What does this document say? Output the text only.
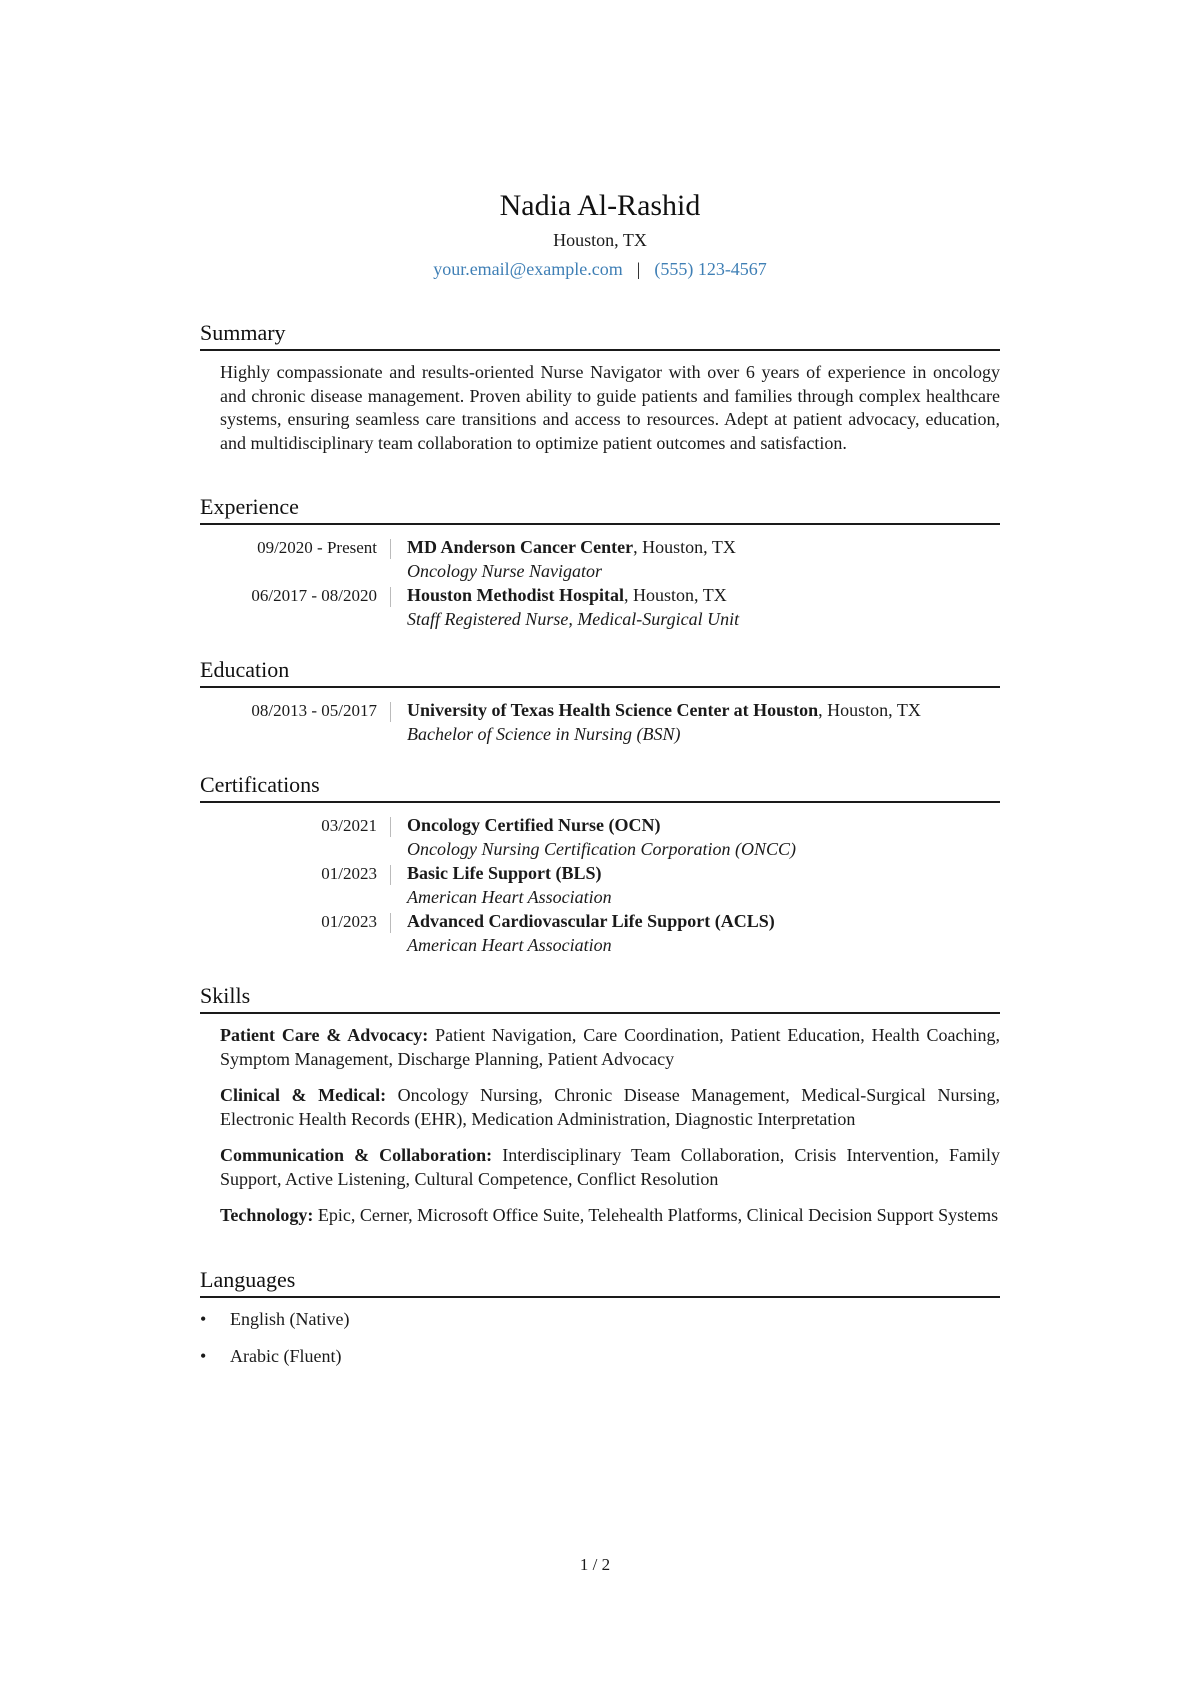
Nadia Al-Rashid
Houston, TX
your.email@example.com | (555) 123-4567
Summary

Highly compassionate and results-oriented Nurse Navigator with over 6 years of experience in oncology and chronic disease management. Proven ability to guide patients and families through complex healthcare systems, ensuring seamless care transitions and access to resources. Adept at patient advocacy, education, and multidisciplinary team collaboration to optimize patient outcomes and satisfaction.

Experience
09/2020 - Present	MD Anderson Cancer Center, Houston, TX
Oncology Nurse Navigator
06/2017 - 08/2020	Houston Methodist Hospital, Houston, TX
Staff Registered Nurse, Medical-Surgical Unit
Education
08/2013 - 05/2017	University of Texas Health Science Center at Houston, Houston, TX
Bachelor of Science in Nursing (BSN)
Certifications
03/2021	Oncology Certified Nurse (OCN)
Oncology Nursing Certification Corporation (ONCC)
01/2023	Basic Life Support (BLS)
American Heart Association
01/2023	Advanced Cardiovascular Life Support (ACLS)
American Heart Association
Skills

Patient Care & Advocacy: Patient Navigation, Care Coordination, Patient Education, Health Coaching, Symptom Management, Discharge Planning, Patient Advocacy

Clinical & Medical: Oncology Nursing, Chronic Disease Management, Medical-Surgical Nursing, Electronic Health Records (EHR), Medication Administration, Diagnostic Interpretation

Communication & Collaboration: Interdisciplinary Team Collaboration, Crisis Intervention, Family Support, Active Listening, Cultural Competence, Conflict Resolution

Technology: Epic, Cerner, Microsoft Office Suite, Telehealth Platforms, Clinical Decision Support Systems

Languages
• English (Native)
• Arabic (Fluent)
1 / 2
